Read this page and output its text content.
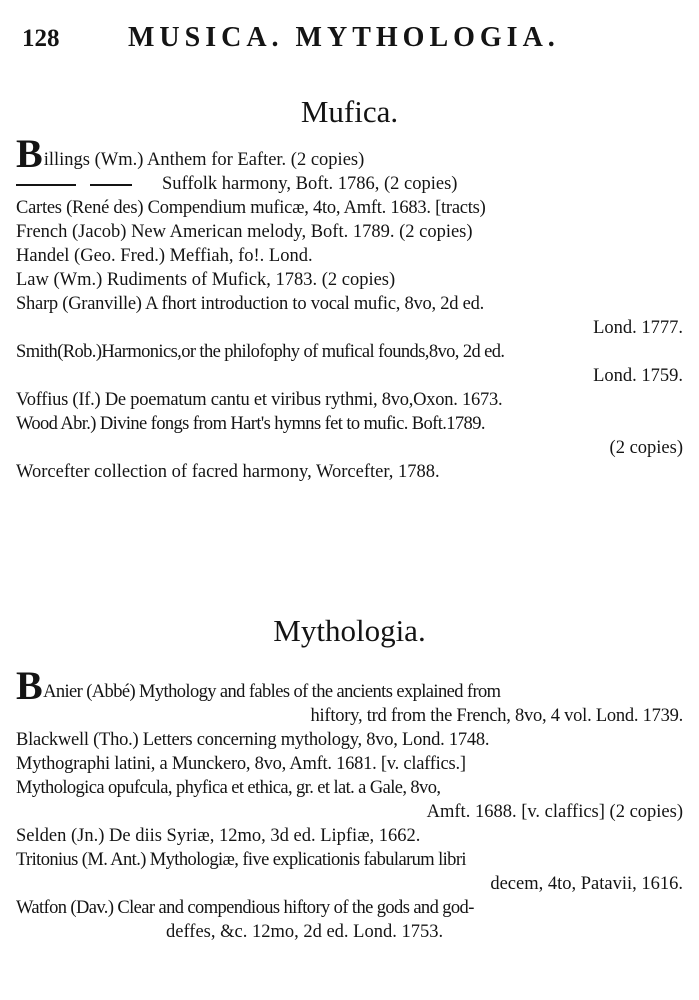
128	MUSICA. MYTHOLOGIA.
Mufica.
Billings (Wm.) Anthem for Eafter. (2 copies)
Suffolk harmony, Boft. 1786, (2 copies)
Cartes (René des) Compendium muficæ, 4to, Amft. 1683. [tracts)
French (Jacob) New American melody, Boft. 1789. (2 copies)
Handel (Geo. Fred.) Meffiah, fo!. Lond.
Law (Wm.) Rudiments of Mufick, 1783. (2 copies)
Sharp (Granville) A fhort introduction to vocal mufic, 8vo, 2d ed.
Lond. 1777.
Smith(Rob.)Harmonics,or the philofophy of mufical founds,8vo, 2d ed.
Lond. 1759.
Voffius (If.) De poematum cantu et viribus rythmi, 8vo,Oxon. 1673.
Wood Abr.) Divine fongs from Hart's hymns fet to mufic. Boft.1789.
(2 copies)
Worcefter collection of facred harmony, Worcefter, 1788.
Mythologia.
BAnier (Abbé) Mythology and fables of the ancients explained from
hiftory, trd from the French, 8vo, 4 vol. Lond. 1739.
Blackwell (Tho.) Letters concerning mythology, 8vo, Lond. 1748.
Mythographi latini, a Munckero, 8vo, Amft. 1681. [v. claffics.]
Mythologica opufcula, phyfica et ethica, gr. et lat. a Gale, 8vo,
Amft. 1688. [v. claffics] (2 copies)
Selden (Jn.) De diis Syriæ, 12mo, 3d ed. Lipfiæ, 1662.
Tritonius (M. Ant.) Mythologiæ, five explicationis fabularum libri
decem, 4to, Patavii, 1616.
Watfon (Dav.) Clear and compendious hiftory of the gods and god-
deffes, &c. 12mo, 2d ed. Lond. 1753.
